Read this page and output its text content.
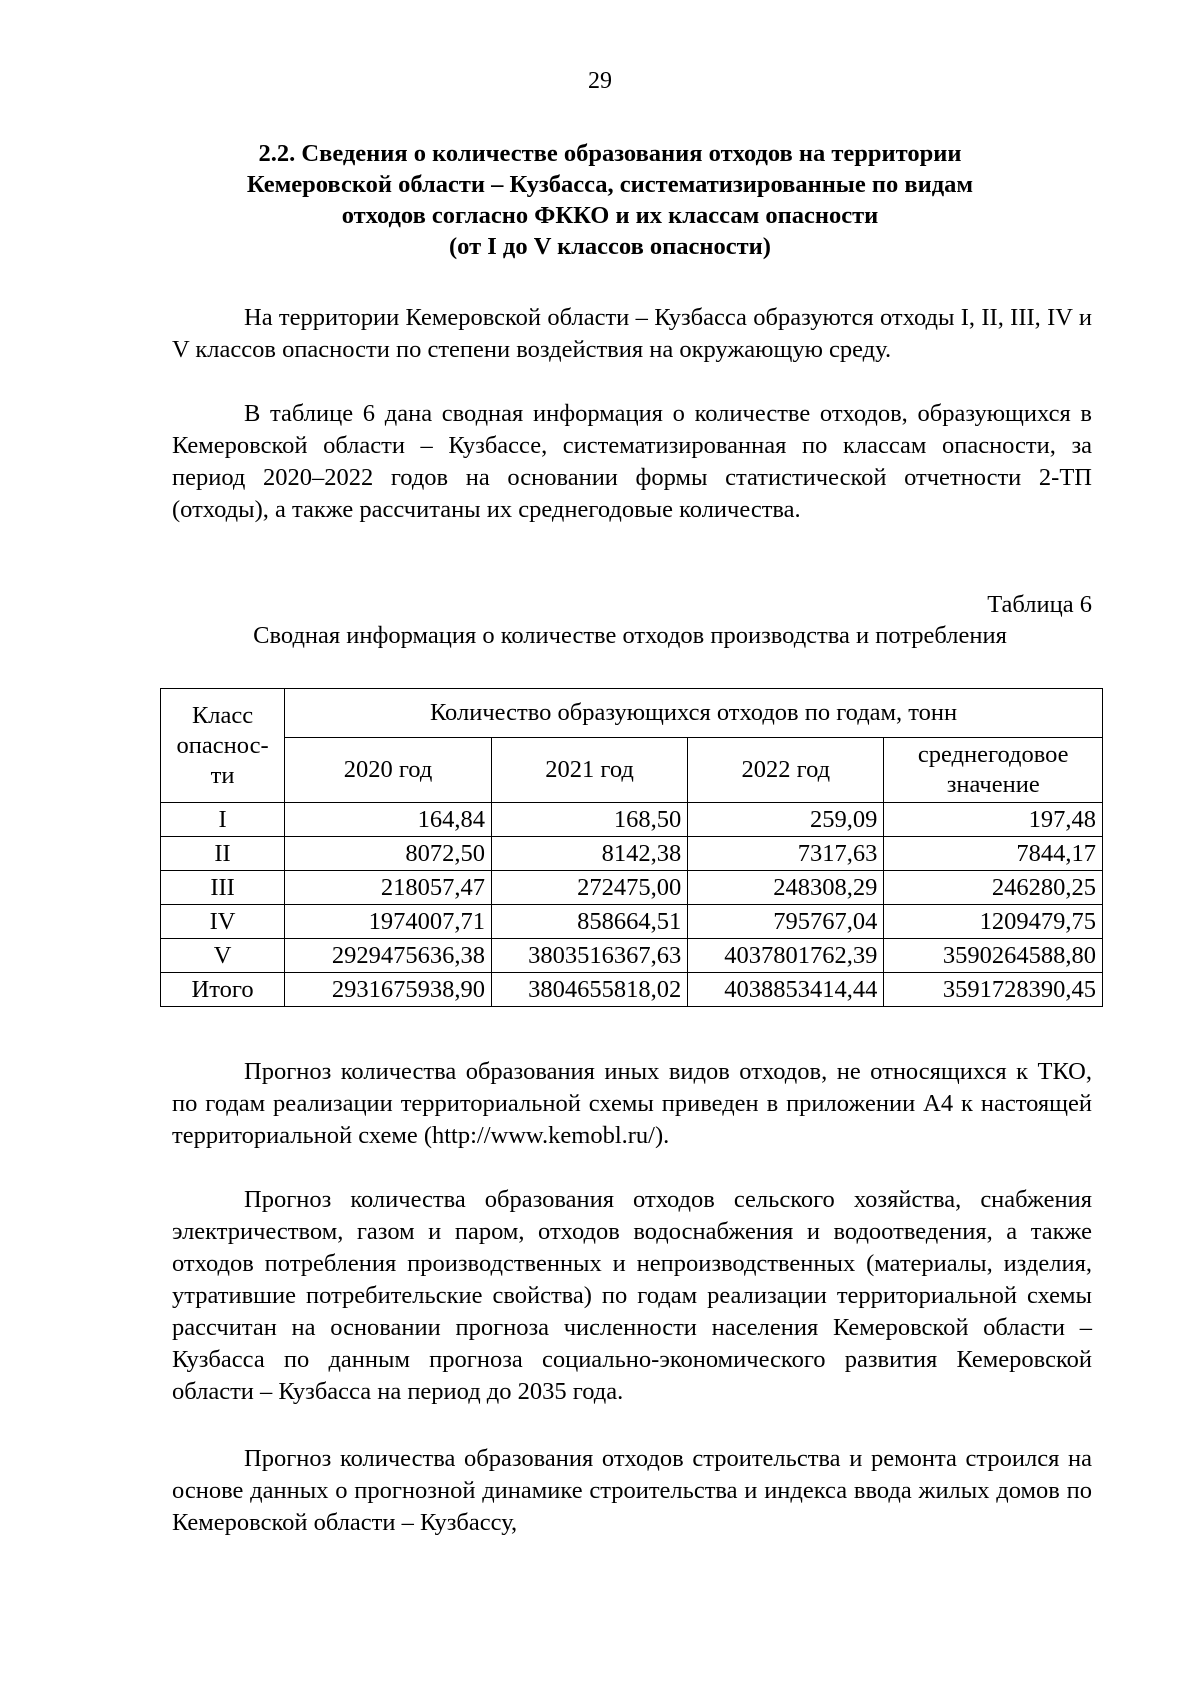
29
2.2. Сведения о количестве образования отходов на территории
Кемеровской области – Кузбасса, систематизированные по видам
отходов согласно ФККО и их классам опасности
(от I до V классов опасности)

На территории Кемеровской области – Кузбасса образуются отходы I, II, III, IV и V классов опасности по степени воздействия на окружающую среду.

В таблице 6 дана сводная информация о количестве отходов, образующихся в Кемеровской области – Кузбассе, систематизированная по классам опасности, за период 2020–2022 годов на основании формы статистической отчетности 2-ТП (отходы), а также рассчитаны их среднегодовые количества.

Таблица 6
Сводная информация о количестве отходов производства и потребления
Класс опаснос-ти	Количество образующихся отходов по годам, тонн			
	2020 год	2021 год	2022 год	среднегодовое значение
I	164,84	168,50	259,09	197,48
II	8072,50	8142,38	7317,63	7844,17
III	218057,47	272475,00	248308,29	246280,25
IV	1974007,71	858664,51	795767,04	1209479,75
V	2929475636,38	3803516367,63	4037801762,39	3590264588,80
Итого	2931675938,90	3804655818,02	4038853414,44	3591728390,45

Прогноз количества образования иных видов отходов, не относящихся к ТКО, по годам реализации территориальной схемы приведен в приложении А4 к настоящей территориальной схеме (http://www.kemobl.ru/).

Прогноз количества образования отходов сельского хозяйства, снабжения электричеством, газом и паром, отходов водоснабжения и водоотведения, а также отходов потребления производственных и непроизводственных (материалы, изделия, утратившие потребительские свойства) по годам реализации территориальной схемы рассчитан на основании прогноза численности населения Кемеровской области – Кузбасса по данным прогноза социально-экономического развития Кемеровской области – Кузбасса на период до 2035 года.

Прогноз количества образования отходов строительства и ремонта строился на основе данных о прогнозной динамике строительства и индекса ввода жилых домов по Кемеровской области – Кузбассу,
